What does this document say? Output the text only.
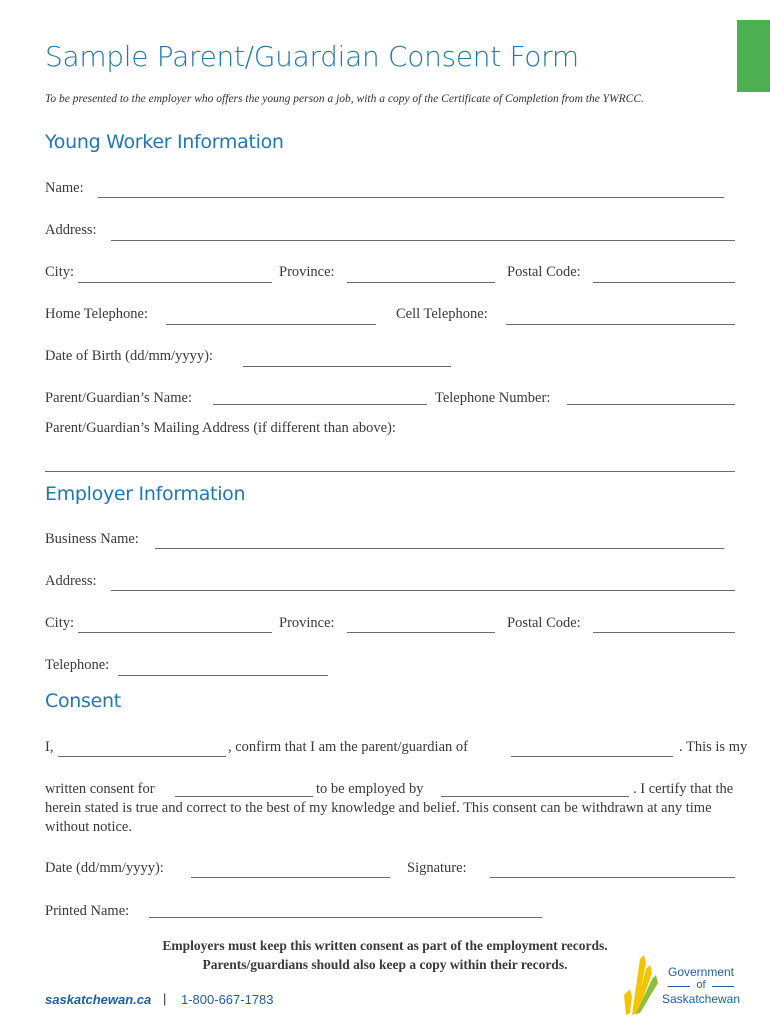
Sample Parent/Guardian Consent Form
To be presented to the employer who offers the young person a job, with a copy of the Certificate of Completion from the YWRCC.
Young Worker Information
Name:
Address:
City:	Province:	Postal Code:
Home Telephone:	Cell Telephone:
Date of Birth (dd/mm/yyyy):
Parent/Guardian’s Name:	Telephone Number:
Parent/Guardian’s Mailing Address (if different than above):
Employer Information
Business Name:
Address:
City:	Province:	Postal Code:
Telephone:
Consent
I,	, confirm that I am the parent/guardian of	. This is my
written consent for	to be employed by	. I certify that the
herein stated is true and correct to the best of my knowledge and belief. This consent can be withdrawn at any time without notice.
Date (dd/mm/yyyy):	Signature:
Printed Name:
Employers must keep this written consent as part of the employment records.
Parents/guardians should also keep a copy within their records.
saskatchewan.ca | 1-800-667-1783
Government
of
Saskatchewan
